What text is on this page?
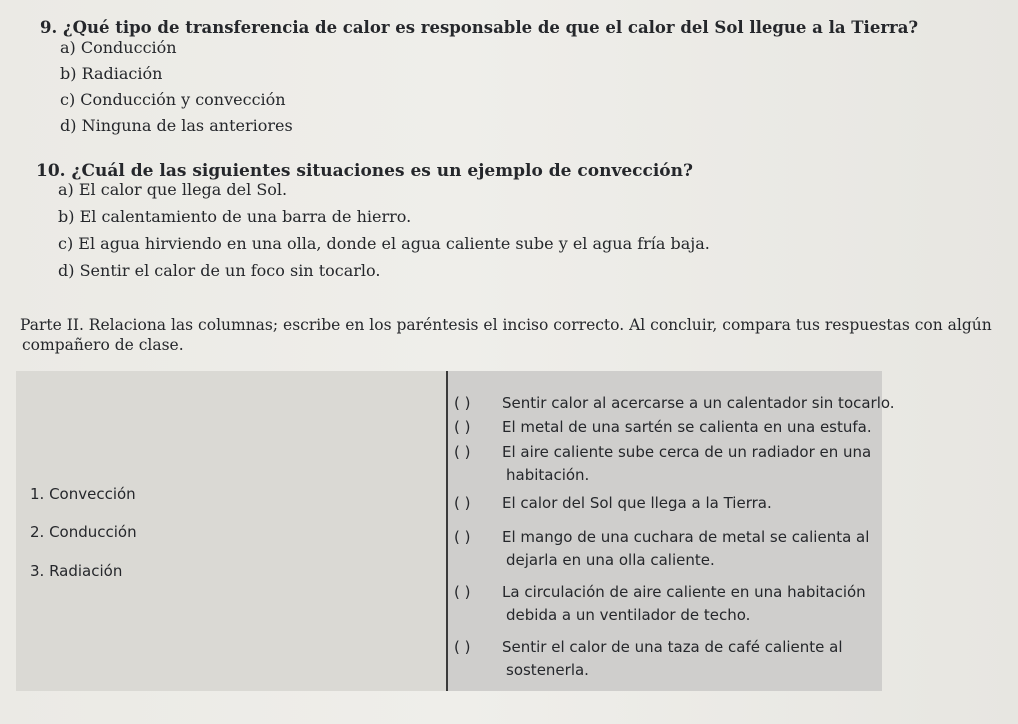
9. ¿Qué tipo de transferencia de calor es responsable de que el calor del Sol llegue a la Tierra?
a) Conducción
b) Radiación
c) Conducción y convección
d) Ninguna de las anteriores
10. ¿Cuál de las siguientes situaciones es un ejemplo de convección?
a) El calor que llega del Sol.
b) El calentamiento de una barra de hierro.
c) El agua hirviendo en una olla, donde el agua caliente sube y el agua fría baja.
d) Sentir el calor de un foco sin tocarlo.
Parte II. Relaciona las columnas; escribe en los paréntesis el inciso correcto. Al concluir, compara tus respuestas con algún
compañero de clase.
1. Convección
2. Conducción
3. Radiación
( ) Sentir calor al acercarse a un calentador sin tocarlo.
( ) El metal de una sartén se calienta en una estufa.
( ) El aire caliente sube cerca de un radiador en una
habitación.
( ) El calor del Sol que llega a la Tierra.
( ) El mango de una cuchara de metal se calienta al
dejarla en una olla caliente.
( ) La circulación de aire caliente en una habitación
debida a un ventilador de techo.
( ) Sentir el calor de una taza de café caliente al
sostenerla.
